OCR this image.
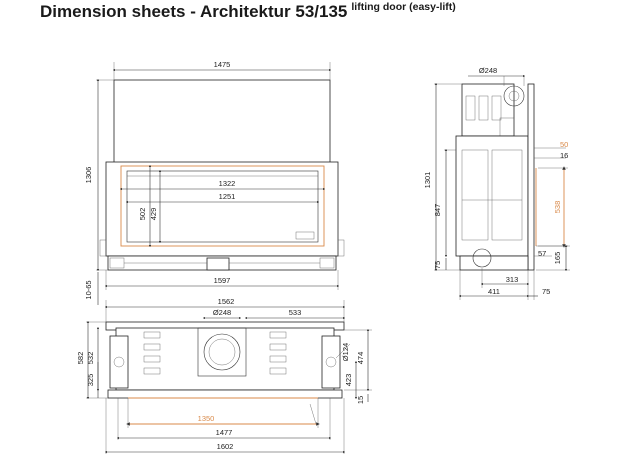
Dimension sheets - Architektur 53/135 $^{lifting door (easy-lift)}$
1475
1306
1322
1251
502 429
1597
10-65
Ø248
1301
847
75
50
16
538
57 165
313
411	75
1562
Ø248	533
582 532
325
Ø124 474
423
15
1350
1477
1602
